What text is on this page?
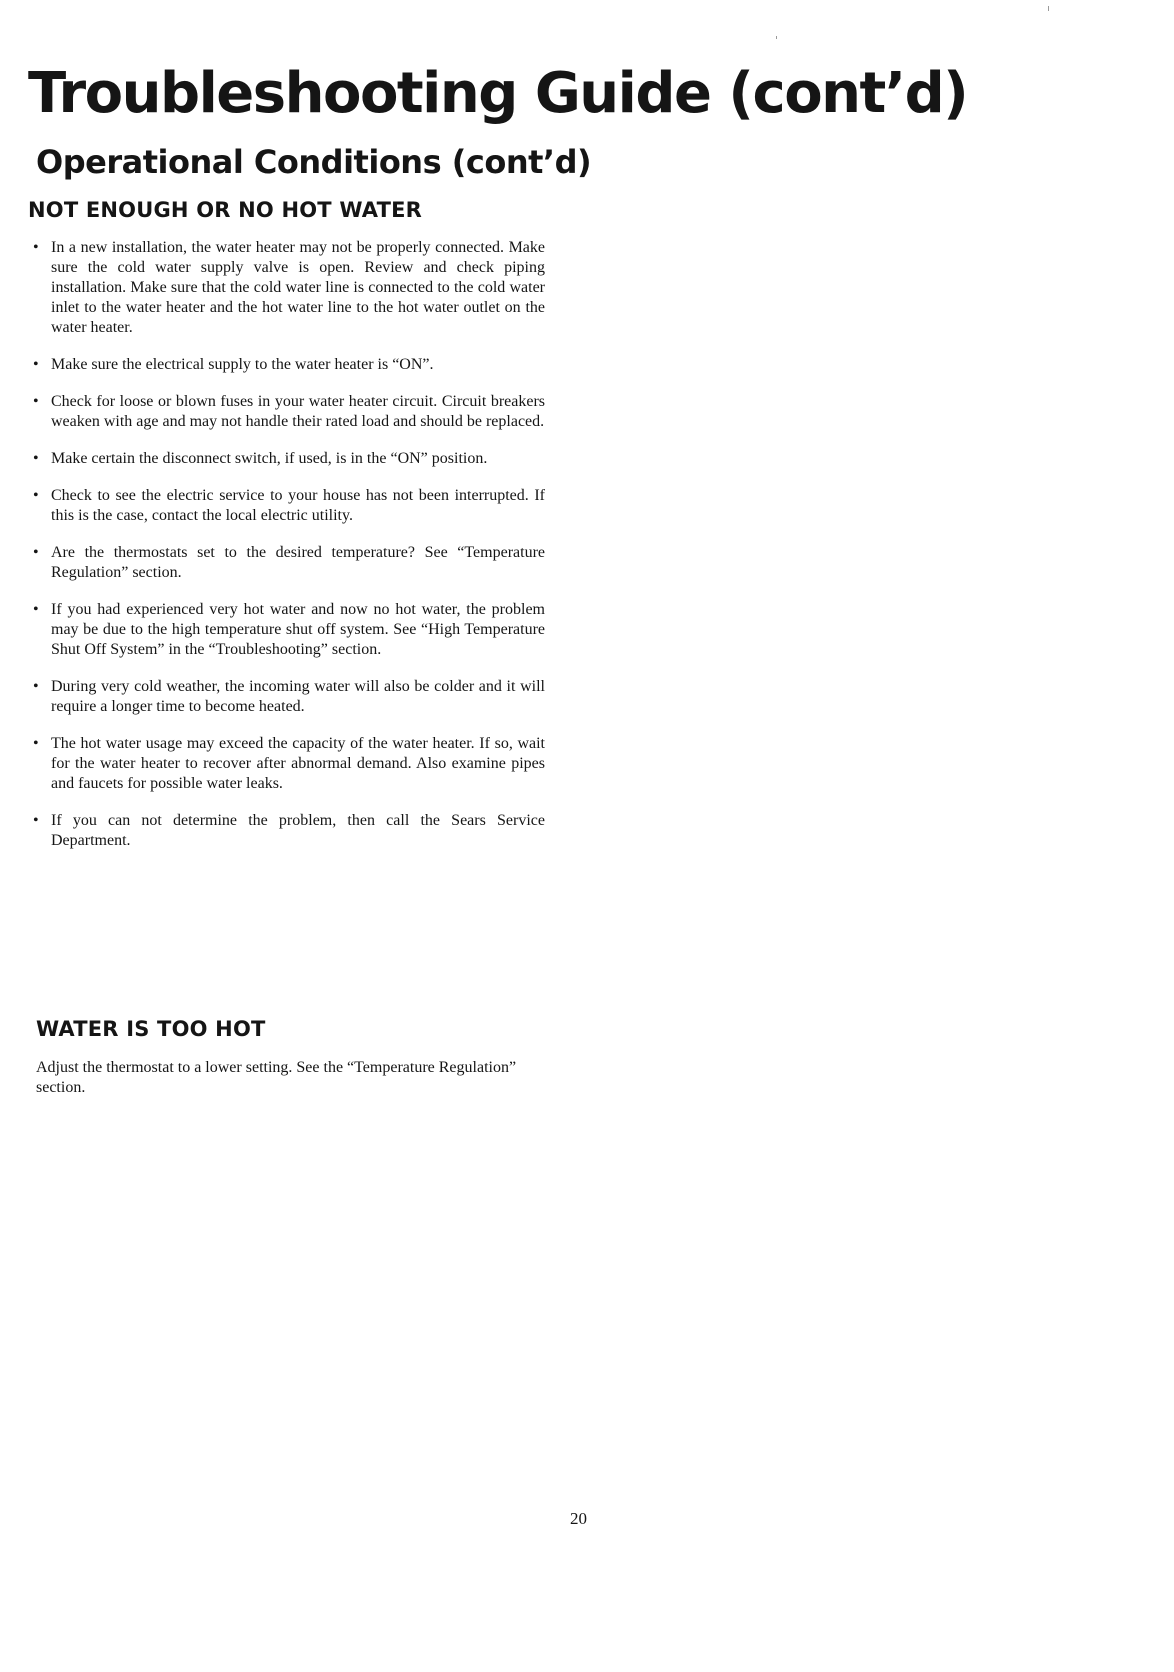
Troubleshooting Guide (cont’d)
Operational Conditions (cont’d)
NOT ENOUGH OR NO HOT WATER
• In a new installation, the water heater may not be properly connected. Make sure the cold water supply valve is open. Review and check piping installation. Make sure that the cold water line is connected to the cold water inlet to the water heater and the hot water line to the hot water outlet on the water heater.
• Make sure the electrical supply to the water heater is “ON”.
• Check for loose or blown fuses in your water heater circuit. Circuit breakers weaken with age and may not handle their rated load and should be replaced.
• Make certain the disconnect switch, if used, is in the “ON” position.
• Check to see the electric service to your house has not been interrupted. If this is the case, contact the local electric utility.
• Are the thermostats set to the desired temperature? See “Temperature Regulation” section.
• If you had experienced very hot water and now no hot water, the problem may be due to the high temperature shut off system. See “High Temperature Shut Off System” in the “Troubleshooting” section.
• During very cold weather, the incoming water will also be colder and it will require a longer time to become heated.
• The hot water usage may exceed the capacity of the water heater. If so, wait for the water heater to recover after abnormal demand. Also examine pipes and faucets for possible water leaks.
• If you can not determine the problem, then call the Sears Service Department.
WATER IS TOO HOT

Adjust the thermostat to a lower setting. See the “Temperature Regulation” section.

20
